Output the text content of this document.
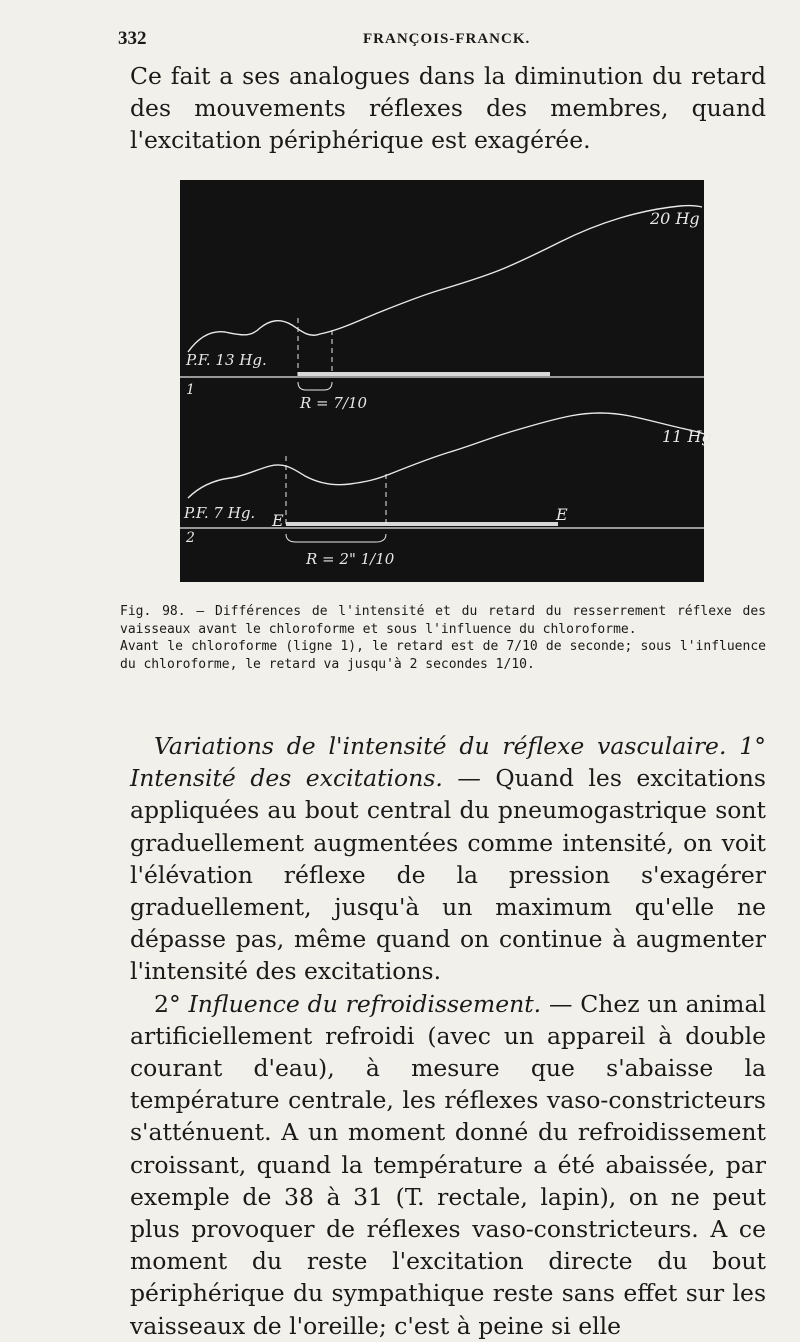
332	FRANÇOIS-FRANCK.

Ce fait a ses analogues dans la diminution du retard des mouvements réflexes des membres, quand l'excitation périphérique est exagérée.

20 Hg
P.F. 13 Hg.
1
R = 7/10
11 Hg
P.F. 7 Hg.
2
E	E
R = 2" 1/10

Fig. 98. — Différences de l'intensité et du retard du resserrement réflexe des vaisseaux avant le chloroforme et sous l'influence du chloroforme.

Avant le chloroforme (ligne 1), le retard est de 7/10 de seconde; sous l'influence du chloroforme, le retard va jusqu'à 2 secondes 1/10.

Variations de l'intensité du réflexe vasculaire. 1° Intensité des excitations. — Quand les excitations appliquées au bout central du pneumogastrique sont graduellement augmentées comme intensité, on voit l'élévation réflexe de la pression s'exagérer graduellement, jusqu'à un maximum qu'elle ne dépasse pas, même quand on continue à augmenter l'intensité des excitations.

2° Influence du refroidissement. — Chez un animal artificiellement refroidi (avec un appareil à double courant d'eau), à mesure que s'abaisse la température centrale, les réflexes vaso-constricteurs s'atténuent. A un moment donné du refroidissement croissant, quand la température a été abaissée, par exemple de 38 à 31 (T. rectale, lapin), on ne peut plus provoquer de réflexes vaso-constricteurs. A ce moment du reste l'excitation directe du bout périphérique du sympathique reste sans effet sur les vaisseaux de l'oreille; c'est à peine si elle
